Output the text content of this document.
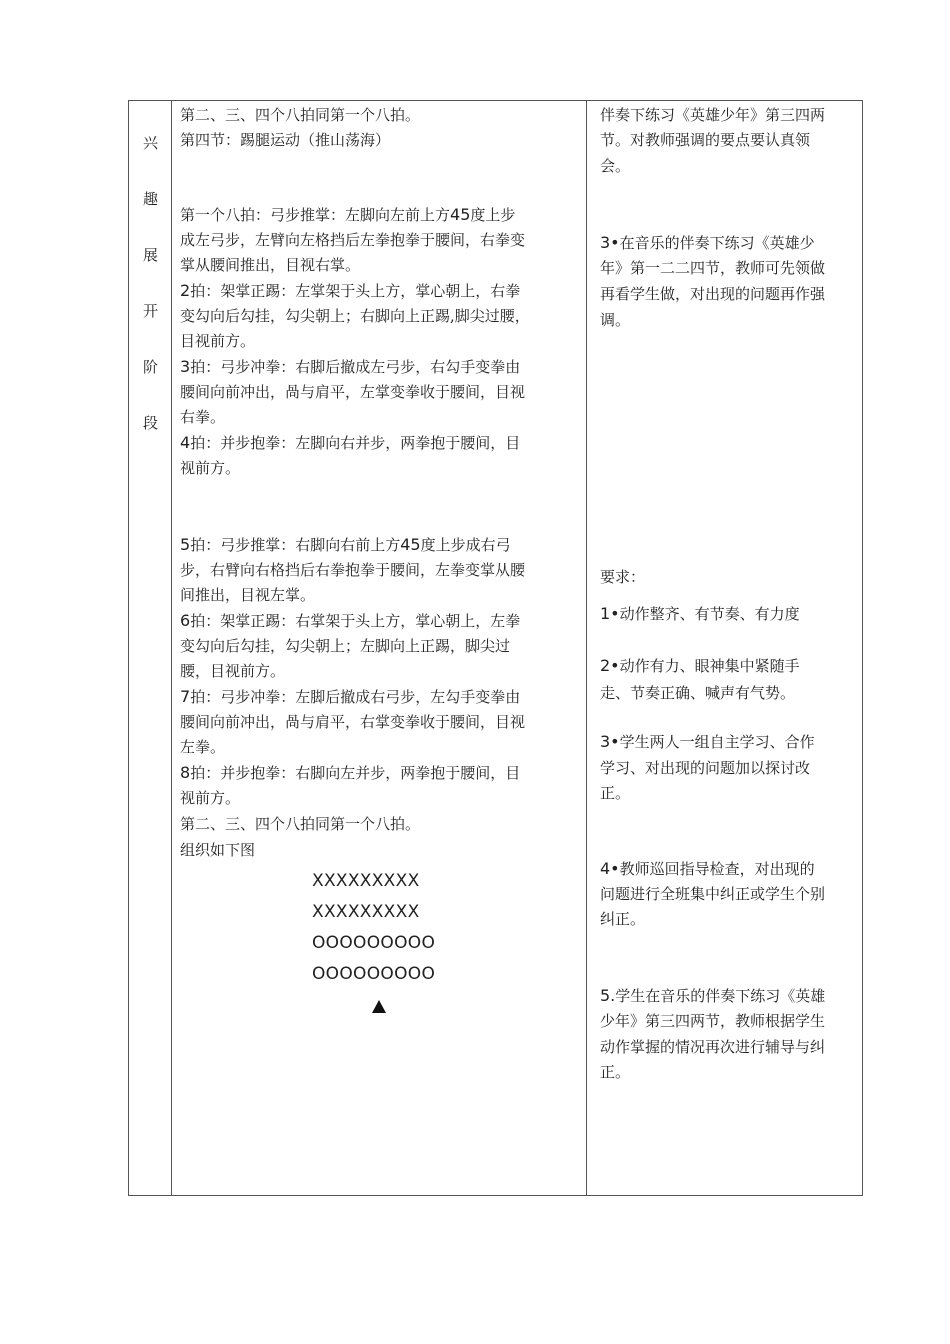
兴
趣
展
开
阶
段
第二、三、四个八拍同第一个八拍。
第四节：踢腿运动（推山荡海）
第一个八拍：弓步推掌：左脚向左前上方45度上步
成左弓步，左臂向左格挡后左拳抱拳于腰间，右拳变
掌从腰间推出，目视右掌。
2拍：架掌正踢：左掌架于头上方，掌心朝上，右拳
变勾向后勾挂，勾尖朝上；右脚向上正踢,脚尖过腰，
目视前方。
3拍：弓步冲拳：右脚后撤成左弓步，右勾手变拳由
腰间向前冲出，咼与肩平，左掌变拳收于腰间，目视
右拳。
4拍：并步抱拳：左脚向右并步，两拳抱于腰间，目
视前方。
5拍：弓步推掌：右脚向右前上方45度上步成右弓
步，右臂向右格挡后右拳抱拳于腰间，左拳变掌从腰
间推出，目视左掌。
6拍：架掌正踢：右掌架于头上方，掌心朝上，左拳
变勾向后勾挂，勾尖朝上；左脚向上正踢，脚尖过
腰，目视前方。
7拍：弓步冲拳：左脚后撤成右弓步，左勾手变拳由
腰间向前冲出，咼与肩平，右掌变拳收于腰间，目视
左拳。
8拍：并步抱拳：右脚向左并步，两拳抱于腰间，目
视前方。
第二、三、四个八拍同第一个八拍。
组织如下图
XXXXXXXXX
XXXXXXXXX
OOOOOOOOO
OOOOOOOOO
伴奏下练习《英雄少年》第三四两
节。对教师强调的要点要认真领
会。
3•在音乐的伴奏下练习《英雄少
年》第一二二四节，教师可先领做
再看学生做，对出现的问题再作强
调。
要求：
1•动作整齐、有节奏、有力度
2•动作有力、眼神集中紧随手
走、节奏正确、喊声有气势。
3•学生两人一组自主学习、合作
学习、对出现的问题加以探讨改
正。
4•教师巡回指导检查，对出现的
问题进行全班集中纠正或学生个别
纠正。
5.学生在音乐的伴奏下练习《英雄
少年》第三四两节，教师根据学生
动作掌握的情况再次进行辅导与纠
正。
